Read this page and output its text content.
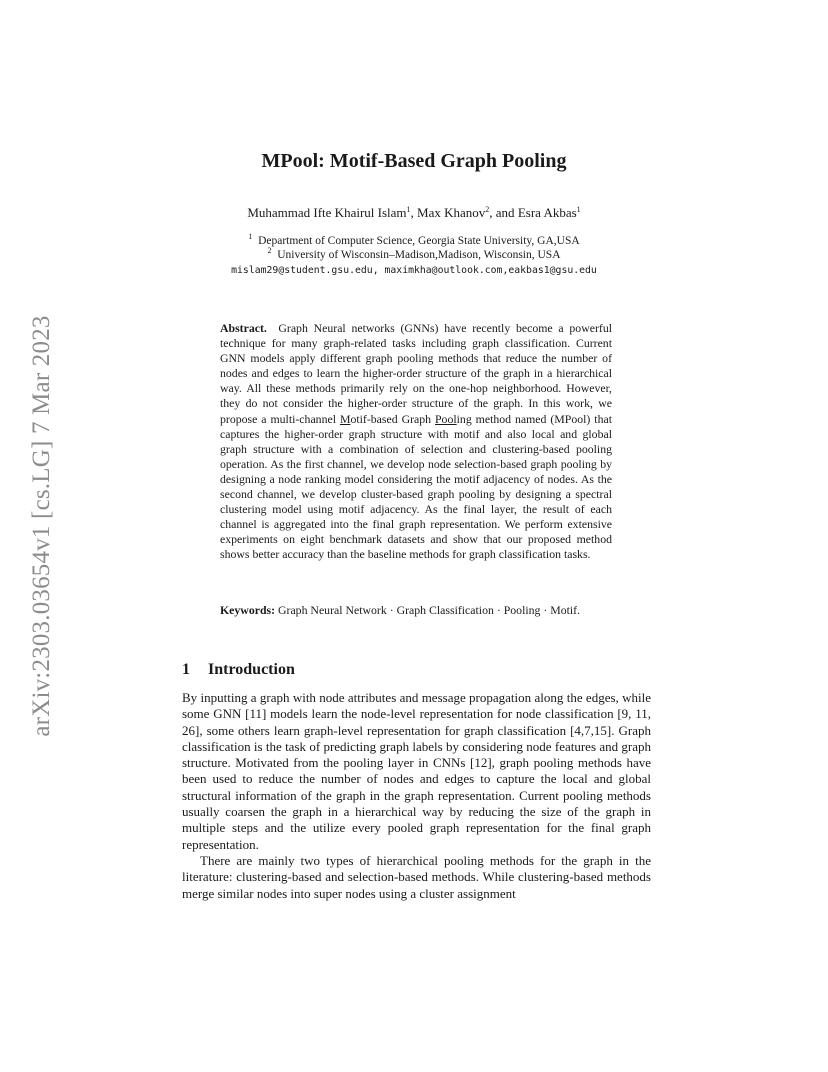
arXiv:2303.03654v1 [cs.LG] 7 Mar 2023
MPool: Motif-Based Graph Pooling
Muhammad Ifte Khairul Islam$^1$, Max Khanov$^2$, and Esra Akbas$^1$
$^1$ Department of Computer Science, Georgia State University, GA,USA
$^2$ University of Wisconsin–Madison,Madison, Wisconsin, USA
mislam29@student.gsu.edu, maximkha@outlook.com,eakbas1@gsu.edu

Abstract. Graph Neural networks (GNNs) have recently become a powerful technique for many graph-related tasks including graph classification. Current GNN models apply different graph pooling methods that reduce the number of nodes and edges to learn the higher-order structure of the graph in a hierarchical way. All these methods primarily rely on the one-hop neighborhood. However, they do not consider the higher-order structure of the graph. In this work, we propose a multi-channel Motif-based Graph Pooling method named (MPool) that captures the higher-order graph structure with motif and also local and global graph structure with a combination of selection and clustering-based pooling operation. As the first channel, we develop node selection-based graph pooling by designing a node ranking model considering the motif adjacency of nodes. As the second channel, we develop cluster-based graph pooling by designing a spectral clustering model using motif adjacency. As the final layer, the result of each channel is aggregated into the final graph representation. We perform extensive experiments on eight benchmark datasets and show that our proposed method shows better accuracy than the baseline methods for graph classification tasks.

Keywords: Graph Neural Network · Graph Classification · Pooling · Motif.

1 Introduction

By inputting a graph with node attributes and message propagation along the edges, while some GNN [11] models learn the node-level representation for node classification [9, 11, 26], some others learn graph-level representation for graph classification [4,7,15]. Graph classification is the task of predicting graph labels by considering node features and graph structure. Motivated from the pooling layer in CNNs [12], graph pooling methods have been used to reduce the number of nodes and edges to capture the local and global structural information of the graph in the graph representation. Current pooling methods usually coarsen the graph in a hierarchical way by reducing the size of the graph in multiple steps and the utilize every pooled graph representation for the final graph representation.

There are mainly two types of hierarchical pooling methods for the graph in the literature: clustering-based and selection-based methods. While clustering-based methods merge similar nodes into super nodes using a cluster assignment
